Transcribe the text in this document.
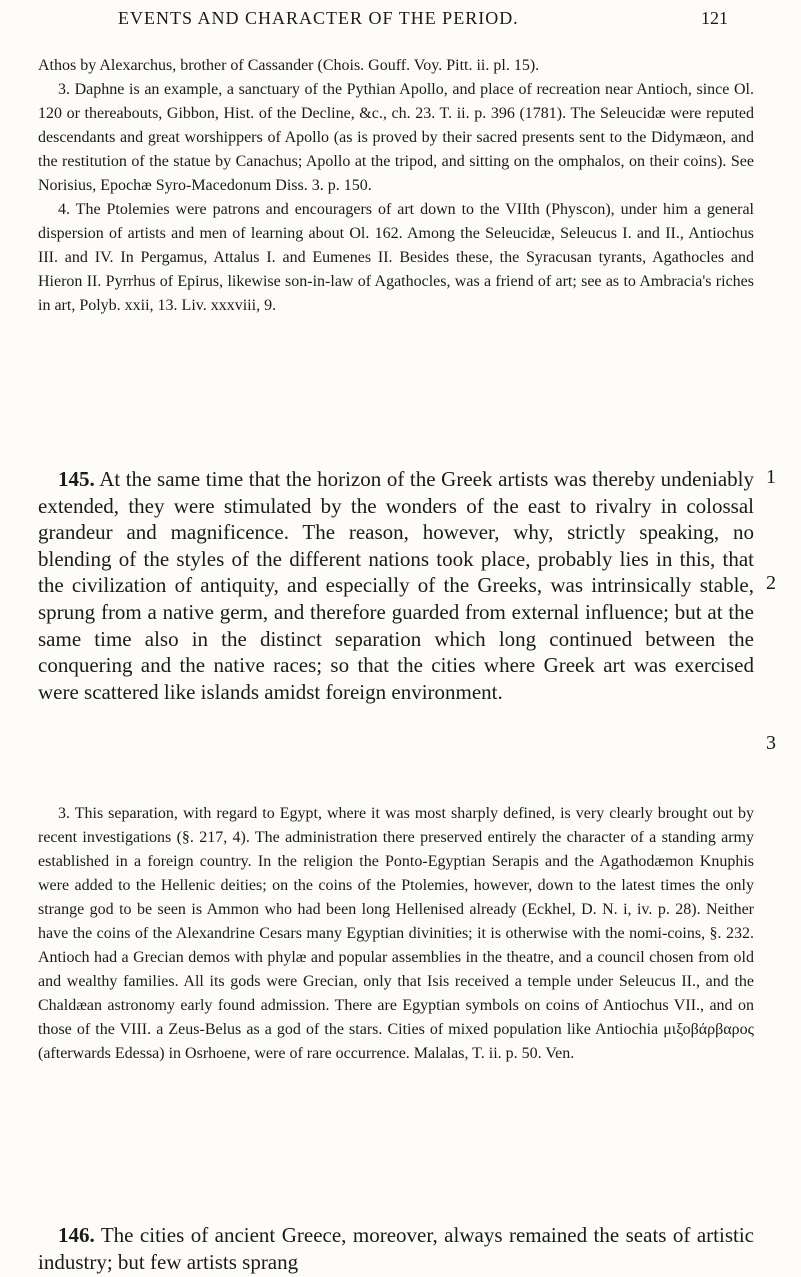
EVENTS AND CHARACTER OF THE PERIOD.	121

Athos by Alexarchus, brother of Cassander (Chois. Gouff. Voy. Pitt. ii. pl. 15).

3. Daphne is an example, a sanctuary of the Pythian Apollo, and place of recreation near Antioch, since Ol. 120 or thereabouts, Gibbon, Hist. of the Decline, &c., ch. 23. T. ii. p. 396 (1781). The Seleucidæ were reputed descendants and great worshippers of Apollo (as is proved by their sacred presents sent to the Didymæon, and the restitution of the statue by Canachus; Apollo at the tripod, and sitting on the omphalos, on their coins). See Norisius, Epochæ Syro-Macedonum Diss. 3. p. 150.

4. The Ptolemies were patrons and encouragers of art down to the VIIth (Physcon), under him a general dispersion of artists and men of learning about Ol. 162. Among the Seleucidæ, Seleucus I. and II., Antiochus III. and IV. In Pergamus, Attalus I. and Eumenes II. Besides these, the Syracusan tyrants, Agathocles and Hieron II. Pyrrhus of Epirus, likewise son-in-law of Agathocles, was a friend of art; see as to Ambracia's riches in art, Polyb. xxii, 13. Liv. xxxviii, 9.

145. At the same time that the horizon of the Greek artists was thereby undeniably extended, they were stimulated by the wonders of the east to rivalry in colossal grandeur and magnificence. The reason, however, why, strictly speaking, no blending of the styles of the different nations took place, probably lies in this, that the civilization of antiquity, and especially of the Greeks, was intrinsically stable, sprung from a native germ, and therefore guarded from external influence; but at the same time also in the distinct separation which long continued between the conquering and the native races; so that the cities where Greek art was exercised were scattered like islands amidst foreign environment.

1
2
3

3. This separation, with regard to Egypt, where it was most sharply defined, is very clearly brought out by recent investigations (§. 217, 4). The administration there preserved entirely the character of a standing army established in a foreign country. In the religion the Ponto-Egyptian Serapis and the Agathodæmon Knuphis were added to the Hellenic deities; on the coins of the Ptolemies, however, down to the latest times the only strange god to be seen is Ammon who had been long Hellenised already (Eckhel, D. N. i, iv. p. 28). Neither have the coins of the Alexandrine Cesars many Egyptian divinities; it is otherwise with the nomi-coins, §. 232. Antioch had a Grecian demos with phylæ and popular assemblies in the theatre, and a council chosen from old and wealthy families. All its gods were Grecian, only that Isis received a temple under Seleucus II., and the Chaldæan astronomy early found admission. There are Egyptian symbols on coins of Antiochus VII., and on those of the VIII. a Zeus-Belus as a god of the stars. Cities of mixed population like Antiochia μιξοβάρβαρος (afterwards Edessa) in Osrhoene, were of rare occurrence. Malalas, T. ii. p. 50. Ven.

146. The cities of ancient Greece, moreover, always remained the seats of artistic industry; but few artists sprang
